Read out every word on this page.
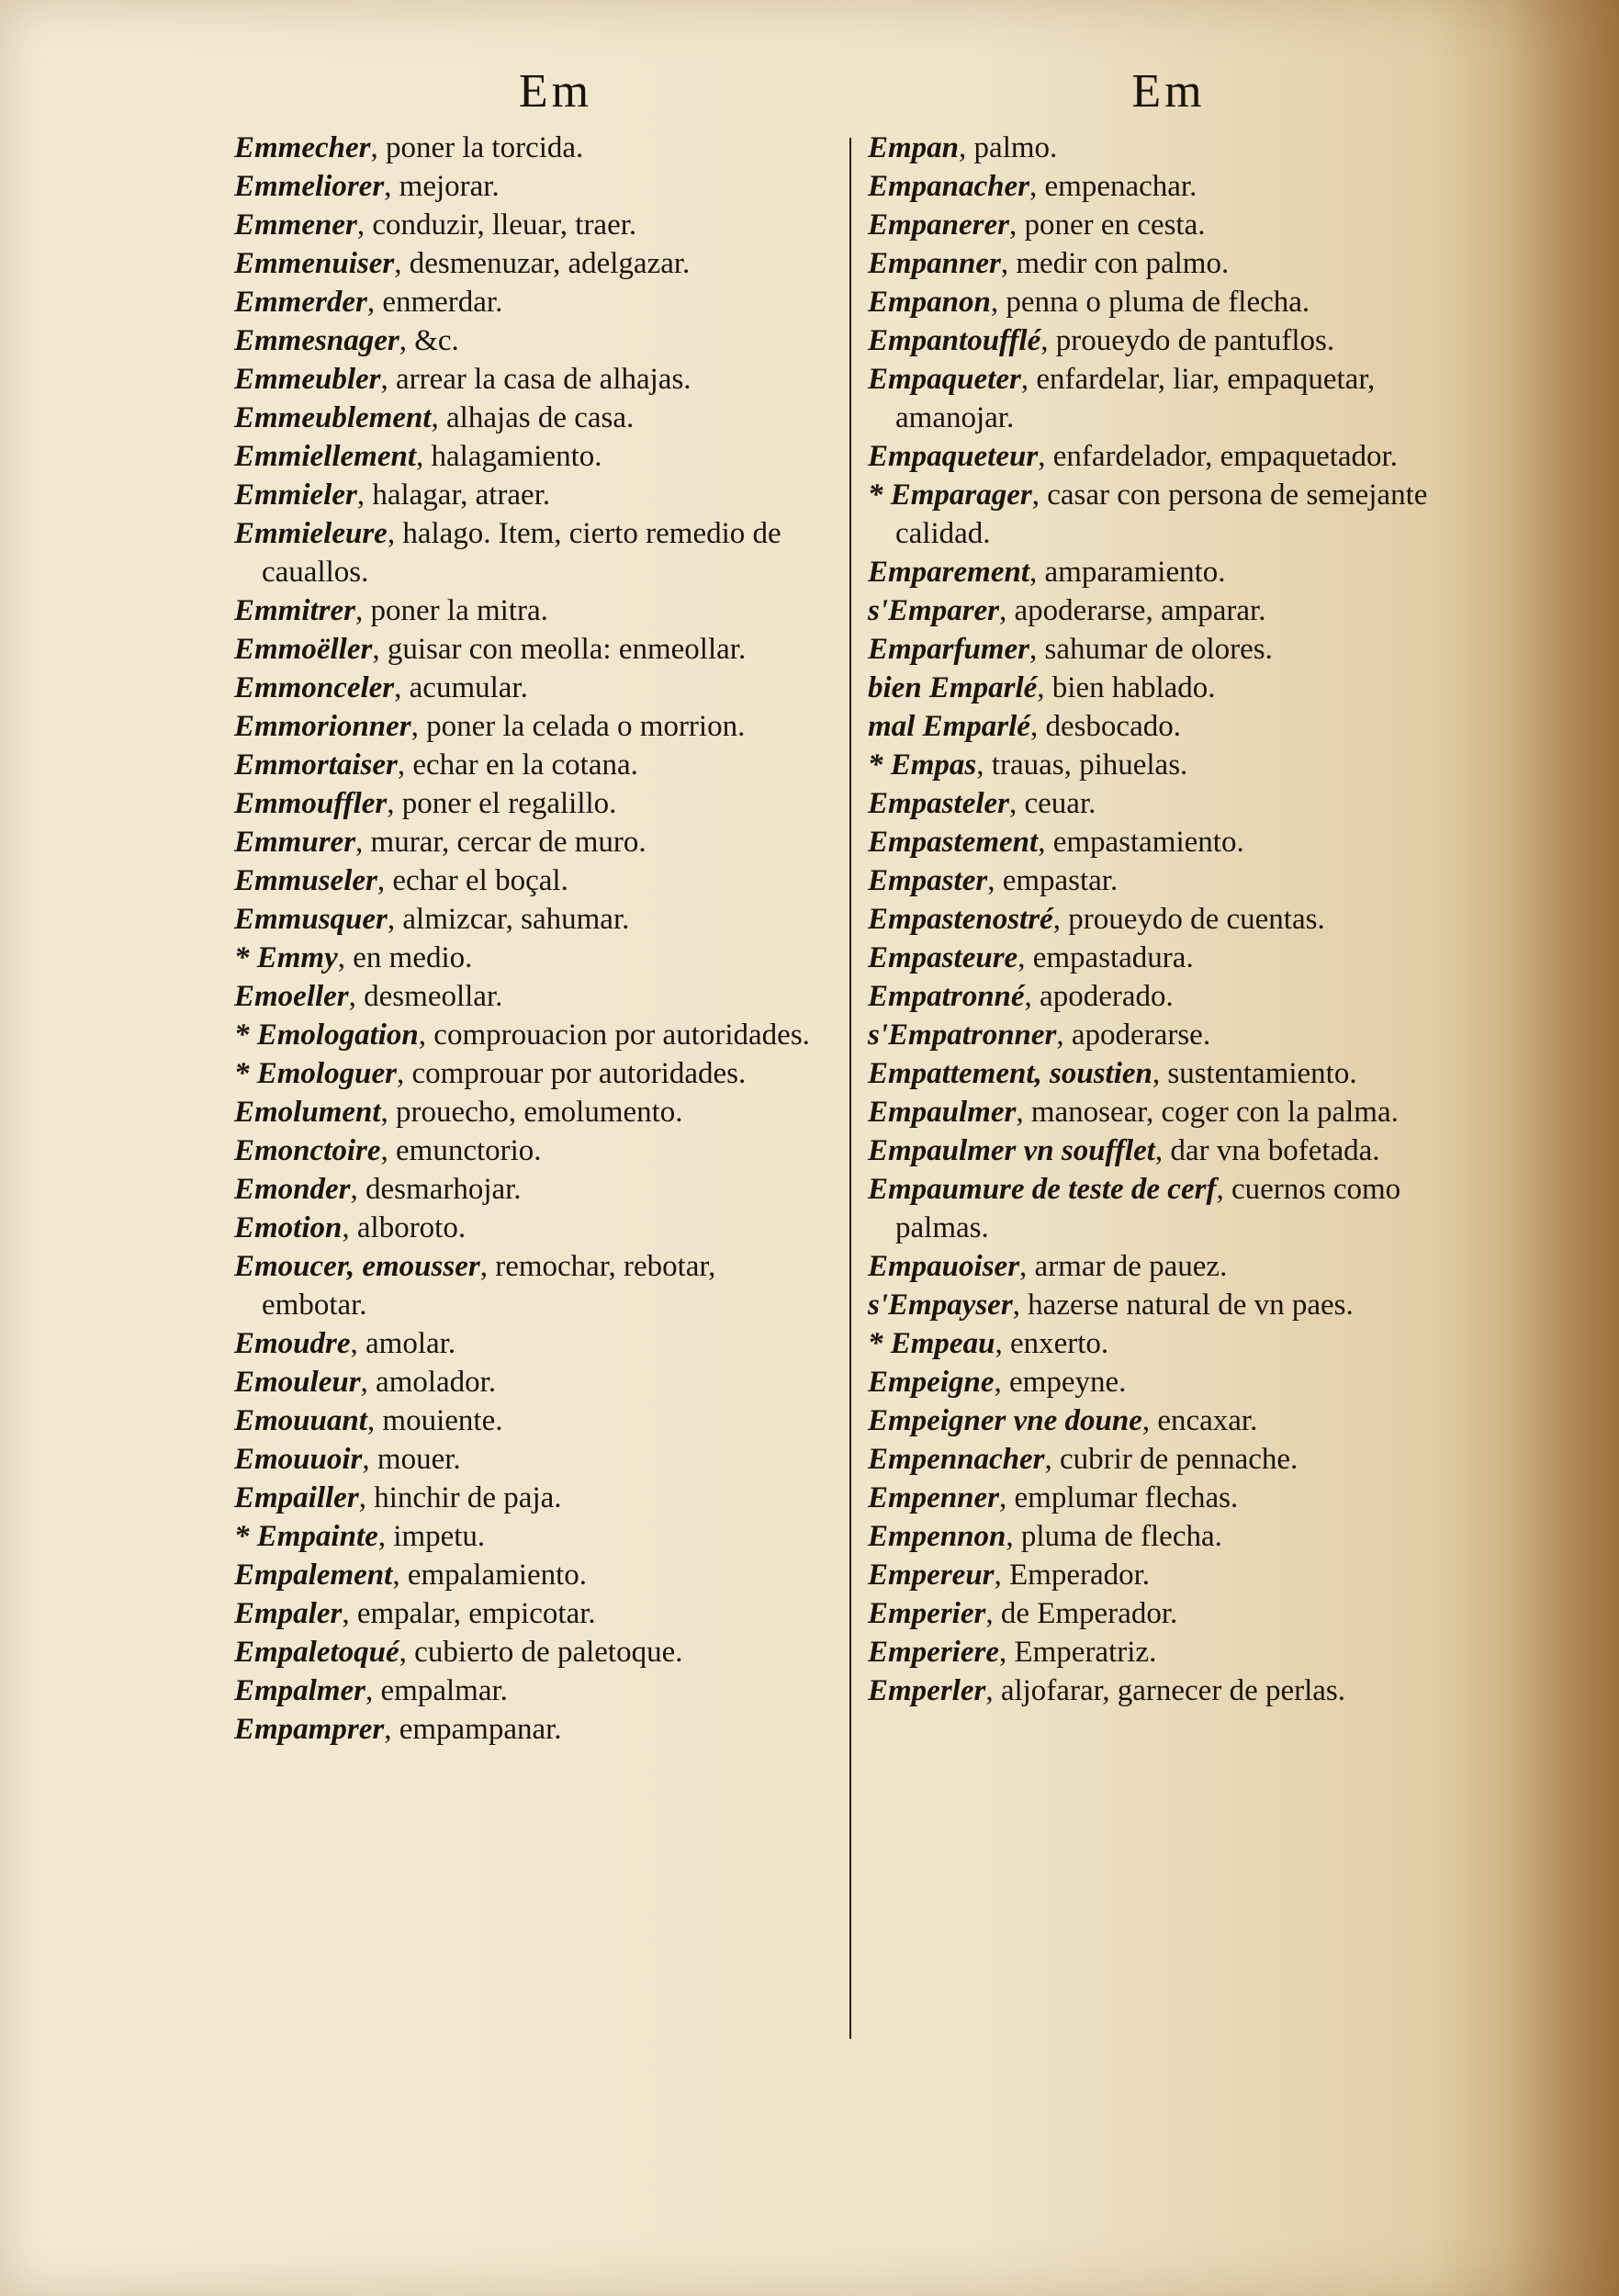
Em
Emmecher, poner la torcida.
Emmeliorer, mejorar.
Emmener, conduzir, lleuar, traer.
Emmenuiser, desmenuzar, adelgazar.
Emmerder, enmerdar.
Emmesnager, &c.
Emmeubler, arrear la casa de alhajas.
Emmeublement, alhajas de casa.
Emmiellement, halagamiento.
Emmieler, halagar, atraer.
Emmieleure, halago. Item, cierto remedio de cauallos.
Emmitrer, poner la mitra.
Emmoëller, guisar con meolla: enmeollar.
Emmonceler, acumular.
Emmorionner, poner la celada o morrion.
Emmortaiser, echar en la cotana.
Emmouffler, poner el regalillo.
Emmurer, murar, cercar de muro.
Emmuseler, echar el boçal.
Emmusquer, almizcar, sahumar.
* Emmy, en medio.
Emoeller, desmeollar.
* Emologation, comprouacion por autoridades.
* Emologuer, comprouar por autoridades.
Emolument, prouecho, emolumento.
Emonctoire, emunctorio.
Emonder, desmarhojar.
Emotion, alboroto.
Emoucer, emousser, remochar, rebotar, embotar.
Emoudre, amolar.
Emouleur, amolador.
Emouuant, mouiente.
Emouuoir, mouer.
Empailler, hinchir de paja.
* Empainte, impetu.
Empalement, empalamiento.
Empaler, empalar, empicotar.
Empaletoqué, cubierto de paletoque.
Empalmer, empalmar.
Empamprer, empampanar.
Em
Empan, palmo.
Empanacher, empenachar.
Empanerer, poner en cesta.
Empanner, medir con palmo.
Empanon, penna o pluma de flecha.
Empantoufflé, proueydo de pantuflos.
Empaqueter, enfardelar, liar, empaquetar, amanojar.
Empaqueteur, enfardelador, empaquetador.
* Emparager, casar con persona de semejante calidad.
Emparement, amparamiento.
s'Emparer, apoderarse, amparar.
Emparfumer, sahumar de olores.
bien Emparlé, bien hablado.
mal Emparlé, desbocado.
* Empas, trauas, pihuelas.
Empasteler, ceuar.
Empastement, empastamiento.
Empaster, empastar.
Empastenostré, proueydo de cuentas.
Empasteure, empastadura.
Empatronné, apoderado.
s'Empatronner, apoderarse.
Empattement, soustien, sustentamiento.
Empaulmer, manosear, coger con la palma.
Empaulmer vn soufflet, dar vna bofetada.
Empaumure de teste de cerf, cuernos como palmas.
Empauoiser, armar de pauez.
s'Empayser, hazerse natural de vn paes.
* Empeau, enxerto.
Empeigne, empeyne.
Empeigner vne doune, encaxar.
Empennacher, cubrir de pennache.
Empenner, emplumar flechas.
Empennon, pluma de flecha.
Empereur, Emperador.
Emperier, de Emperador.
Emperiere, Emperatriz.
Emperler, aljofarar, garnecer de perlas.
